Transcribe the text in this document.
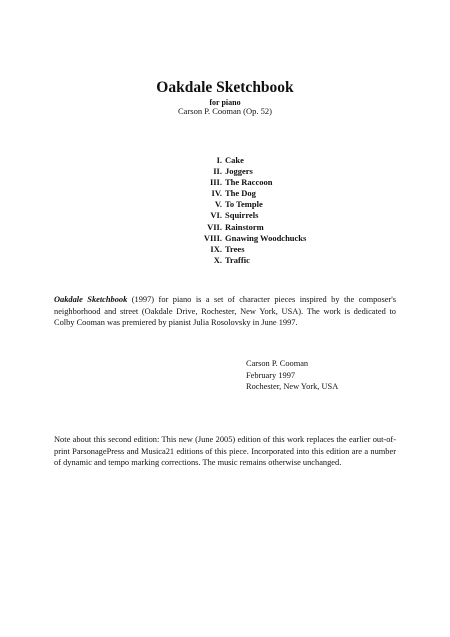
Oakdale Sketchbook
for piano
Carson P. Cooman (Op. 52)
I. Cake
II. Joggers
III. The Raccoon
IV. The Dog
V. To Temple
VI. Squirrels
VII. Rainstorm
VIII. Gnawing Woodchucks
IX. Trees
X. Traffic

Oakdale Sketchbook (1997) for piano is a set of character pieces inspired by the composer's neighborhood and street (Oakdale Drive, Rochester, New York, USA). The work is dedicated to Colby Cooman was premiered by pianist Julia Rosolovsky in June 1997.

Carson P. Cooman
February 1997
Rochester, New York, USA

Note about this second edition: This new (June 2005) edition of this work replaces the earlier out-of-print ParsonagePress and Musica21 editions of this piece. Incorporated into this edition are a number of dynamic and tempo marking corrections. The music remains otherwise unchanged.
